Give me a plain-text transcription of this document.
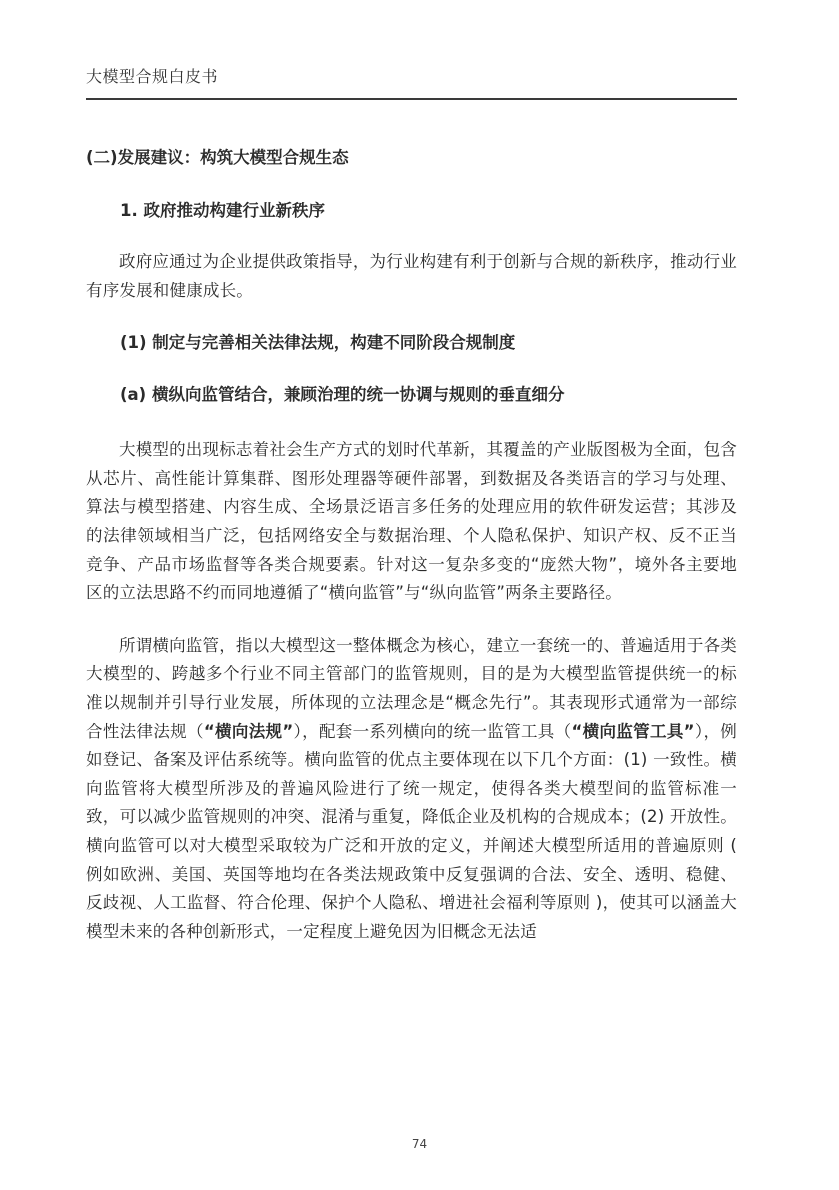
大模型合规白皮书
(二)发展建议：构筑大模型合规生态
1. 政府推动构建行业新秩序

政府应通过为企业提供政策指导，为行业构建有利于创新与合规的新秩序，推动行业有序发展和健康成长。

(1) 制定与完善相关法律法规，构建不同阶段合规制度
(a) 横纵向监管结合，兼顾治理的统一协调与规则的垂直细分

大模型的出现标志着社会生产方式的划时代革新，其覆盖的产业版图极为全面，包含从芯片、高性能计算集群、图形处理器等硬件部署，到数据及各类语言的学习与处理、算法与模型搭建、内容生成、全场景泛语言多任务的处理应用的软件研发运营；其涉及的法律领域相当广泛，包括网络安全与数据治理、个人隐私保护、知识产权、反不正当竞争、产品市场监督等各类合规要素。针对这一复杂多变的“庞然大物”，境外各主要地区的立法思路不约而同地遵循了“横向监管”与“纵向监管”两条主要路径。

所谓横向监管，指以大模型这一整体概念为核心，建立一套统一的、普遍适用于各类大模型的、跨越多个行业不同主管部门的监管规则，目的是为大模型监管提供统一的标准以规制并引导行业发展，所体现的立法理念是“概念先行”。其表现形式通常为一部综合性法律法规（“横向法规”），配套一系列横向的统一监管工具（“横向监管工具”），例如登记、备案及评估系统等。横向监管的优点主要体现在以下几个方面：(1) 一致性。横向监管将大模型所涉及的普遍风险进行了统一规定，使得各类大模型间的监管标准一致，可以减少监管规则的冲突、混淆与重复，降低企业及机构的合规成本；(2) 开放性。横向监管可以对大模型采取较为广泛和开放的定义，并阐述大模型所适用的普遍原则 ( 例如欧洲、美国、英国等地均在各类法规政策中反复强调的合法、安全、透明、稳健、反歧视、人工监督、符合伦理、保护个人隐私、增进社会福利等原则 )，使其可以涵盖大模型未来的各种创新形式，一定程度上避免因为旧概念无法适

74
